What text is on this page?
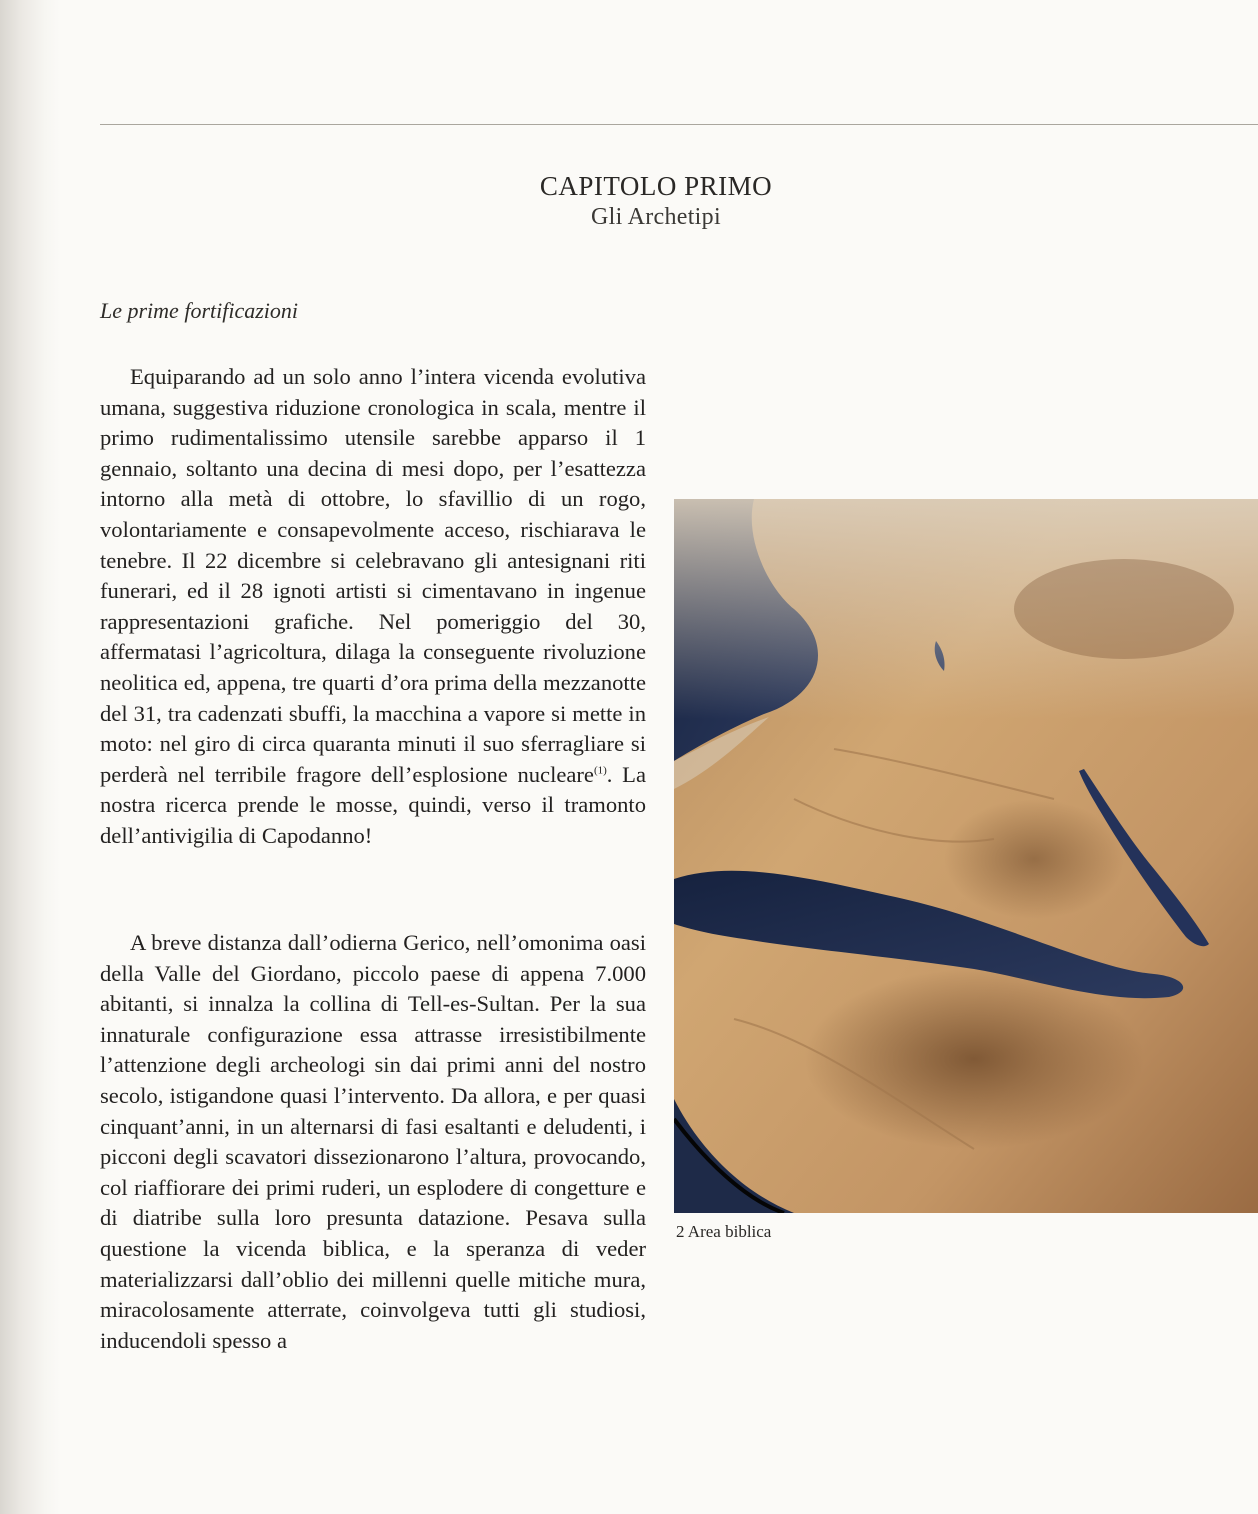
CAPITOLO PRIMO
Gli Archetipi
Le prime fortificazioni

Equiparando ad un solo anno l’intera vicenda evolutiva umana, suggestiva riduzione cronologica in scala, mentre il primo rudimentalissimo utensile sarebbe apparso il 1 gennaio, soltanto una decina di mesi dopo, per l’esattezza intorno alla metà di ottobre, lo sfavillio di un rogo, volontariamente e consapevolmente acceso, rischiarava le tenebre. Il 22 dicembre si celebravano gli antesignani riti funerari, ed il 28 ignoti artisti si cimentavano in ingenue rappresentazioni grafiche. Nel pomeriggio del 30, affermatasi l’agricoltura, dilaga la conseguente rivoluzione neolitica ed, appena, tre quarti d’ora prima della mezzanotte del 31, tra cadenzati sbuffi, la macchina a vapore si mette in moto: nel giro di circa quaranta minuti il suo sferragliare si perderà nel terribile fragore dell’esplosione nucleare$^{(1)}$. La nostra ricerca prende le mosse, quindi, verso il tramonto dell’antivigilia di Capodanno!

A breve distanza dall’odierna Gerico, nell’omonima oasi della Valle del Giordano, piccolo paese di appena 7.000 abitanti, si innalza la collina di Tell-es-Sultan. Per la sua innaturale configurazione essa attrasse irresistibilmente l’attenzione degli archeologi sin dai primi anni del nostro secolo, istigandone quasi l’intervento. Da allora, e per quasi cinquant’anni, in un alternarsi di fasi esaltanti e deludenti, i picconi degli scavatori dissezionarono l’altura, provocando, col riaffiorare dei primi ruderi, un esplodere di congetture e di diatribe sulla loro presunta datazione. Pesava sulla questione la vicenda biblica, e la speranza di veder materializzarsi dall’oblio dei millenni quelle mitiche mura, miracolosamente atterrate, coinvolgeva tutti gli studiosi, inducendoli spesso a

2 Area biblica
